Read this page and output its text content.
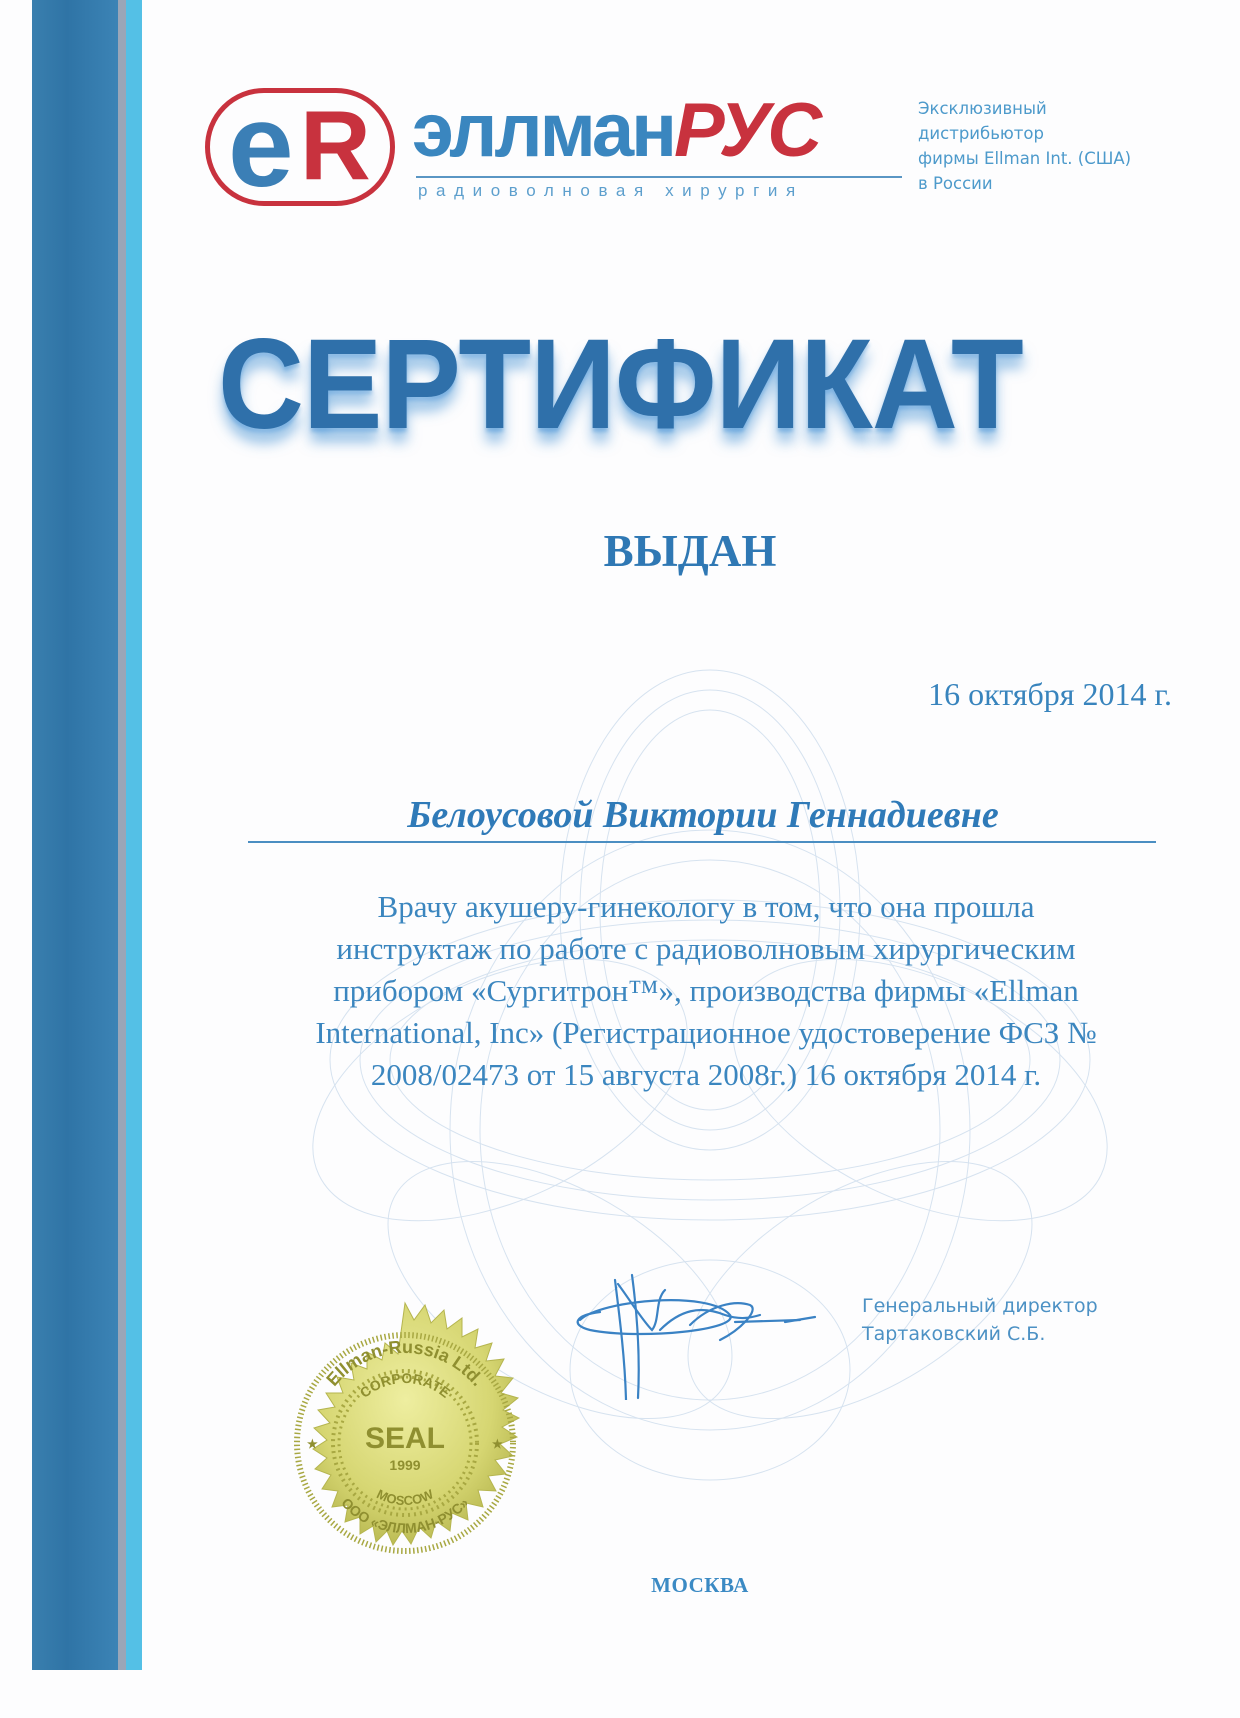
e R эллманРУС
радиоволновая хирургия
Эксклюзивный
дистрибьютор
фирмы Ellman Int. (США)
в России
СЕРТИФИКАТ
ВЫДАН
16 октября 2014 г.
Белоусовой Виктории Геннадиевне
Врачу акушеру-гинекологу в том, что она прошла
инструктаж по работе с радиоволновым хирургическим
прибором «Сургитрон™», производства фирмы «Ellman
International, Inc» (Регистрационное удостоверение ФСЗ №
2008/02473 от 15 августа 2008г.) 16 октября 2014 г.
Генеральный директор
Тартаковский С.Б.
Ellman-Russia Ltd.
ООО «ЭЛЛМАН-РУС»
CORPORATE
MOSCOW
SEAL
1999
★	★
МОСКВА
